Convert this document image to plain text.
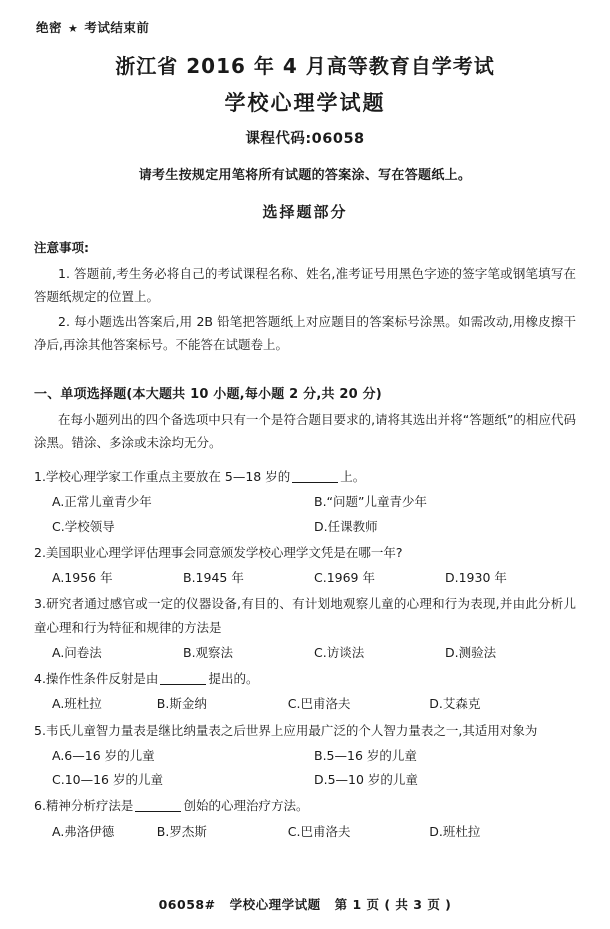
绝密 ★ 考试结束前
浙江省 2016 年 4 月高等教育自学考试
学校心理学试题
课程代码:06058
请考生按规定用笔将所有试题的答案涂、写在答题纸上。
选择题部分
注意事项:

1. 答题前,考生务必将自己的考试课程名称、姓名,准考证号用黑色字迹的签字笔或钢笔填写在答题纸规定的位置上。

2. 每小题选出答案后,用 2B 铅笔把答题纸上对应题目的答案标号涂黑。如需改动,用橡皮擦干净后,再涂其他答案标号。不能答在试题卷上。

一、单项选择题(本大题共 10 小题,每小题 2 分,共 20 分)

在每小题列出的四个备选项中只有一个是符合题目要求的,请将其选出并将“答题纸”的相应代码涂黑。错涂、多涂或未涂均无分。

1.学校心理学家工作重点主要放在 5—18 岁的	上。
A.正常儿童青少年	B.“问题”儿童青少年
C.学校领导	D.任课教师
2.美国职业心理学评估理事会同意颁发学校心理学文凭是在哪一年?
A.1956 年	B.1945 年	C.1969 年	D.1930 年
3.研究者通过感官或一定的仪器设备,有目的、有计划地观察儿童的心理和行为表现,并由此分析儿童心理和行为特征和规律的方法是
A.问卷法	B.观察法	C.访谈法	D.测验法
4.操作性条件反射是由	提出的。
A.班杜拉	B.斯金纳	C.巴甫洛夫	D.艾森克
5.韦氏儿童智力量表是继比纳量表之后世界上应用最广泛的个人智力量表之一,其适用对象为
A.6—16 岁的儿童	B.5—16 岁的儿童
C.10—16 岁的儿童	D.5—10 岁的儿童
6.精神分析疗法是	创始的心理治疗方法。
A.弗洛伊德	B.罗杰斯	C.巴甫洛夫	D.班杜拉
06058# 学校心理学试题 第 1 页 ( 共 3 页 )
